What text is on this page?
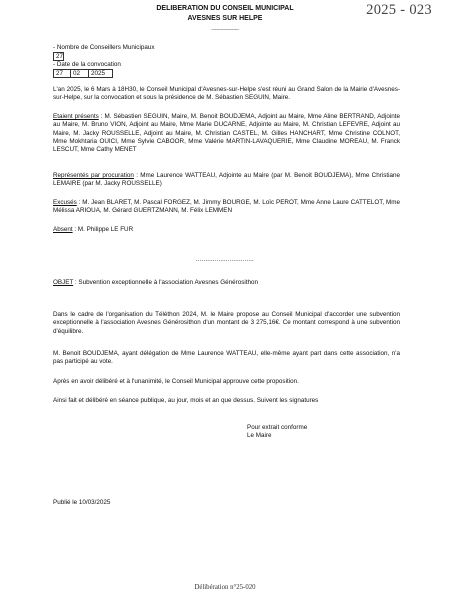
2025 - 023
DELIBERATION DU CONSEIL MUNICIPAL
AVESNES SUR HELPE
________
- Nombre de Conseillers Municipaux
27
- Date de la convocation
27	02	2025

L'an 2025, le 6 Mars à 18H30, le Conseil Municipal d'Avesnes-sur-Helpe s'est réuni au Grand Salon de la Mairie d'Avesnes-sur-Helpe, sur la convocation et sous la présidence de M. Sébastien SEGUIN, Maire.

Etaient présents : M. Sébastien SEGUIN, Maire, M. Benoit BOUDJEMA, Adjoint au Maire, Mme Aline BERTRAND, Adjointe au Maire, M. Bruno VION, Adjoint au Maire, Mme Marie DUCARNE, Adjointe au Maire, M. Christian LEFEVRE, Adjoint au Maire, M. Jacky ROUSSELLE, Adjoint au Maire, M. Christian CASTEL, M. Gilles HANCHART, Mme Christine COLNOT, Mme Mokhtaria OUICI, Mme Sylvie CABOOR, Mme Valérie MARTIN-LAVAQUERIE, Mme Claudine MOREAU, M. Franck LESCUT, Mme Cathy MENET

Représentés par procuration : Mme Laurence WATTEAU, Adjointe au Maire (par M. Benoit BOUDJEMA), Mme Christiane LEMAIRE (par M. Jacky ROUSSELLE)

Excusés : M. Jean BLARET, M. Pascal FORGEZ, M. Jimmy BOURGE, M. Loïc PEROT, Mme Anne Laure CATTELOT, Mme Mélissa ARIOUA, M. Gérard GUERTZMANN, M. Félix LEMMEN

Absent : M. Philippe LE FUR

...............................

OBJET : Subvention exceptionnelle à l'association Avesnes Générosithon

Dans le cadre de l'organisation du Téléthon 2024, M. le Maire propose au Conseil Municipal d'accorder une subvention exceptionnelle à l'association Avesnes Générosithon d'un montant de 3 275,16€. Ce montant correspond à une subvention d'équilibre.

M. Benoit BOUDJEMA, ayant délégation de Mme Laurence WATTEAU, elle-même ayant part dans cette association, n'a pas participé au vote.

Après en avoir délibéré et à l'unanimité, le Conseil Municipal approuve cette proposition.

Ainsi fait et délibéré en séance publique, au jour, mois et an que dessus. Suivent les signatures

Pour extrait conforme
Le Maire
Publié le 10/03/2025
Délibération n°25-020
